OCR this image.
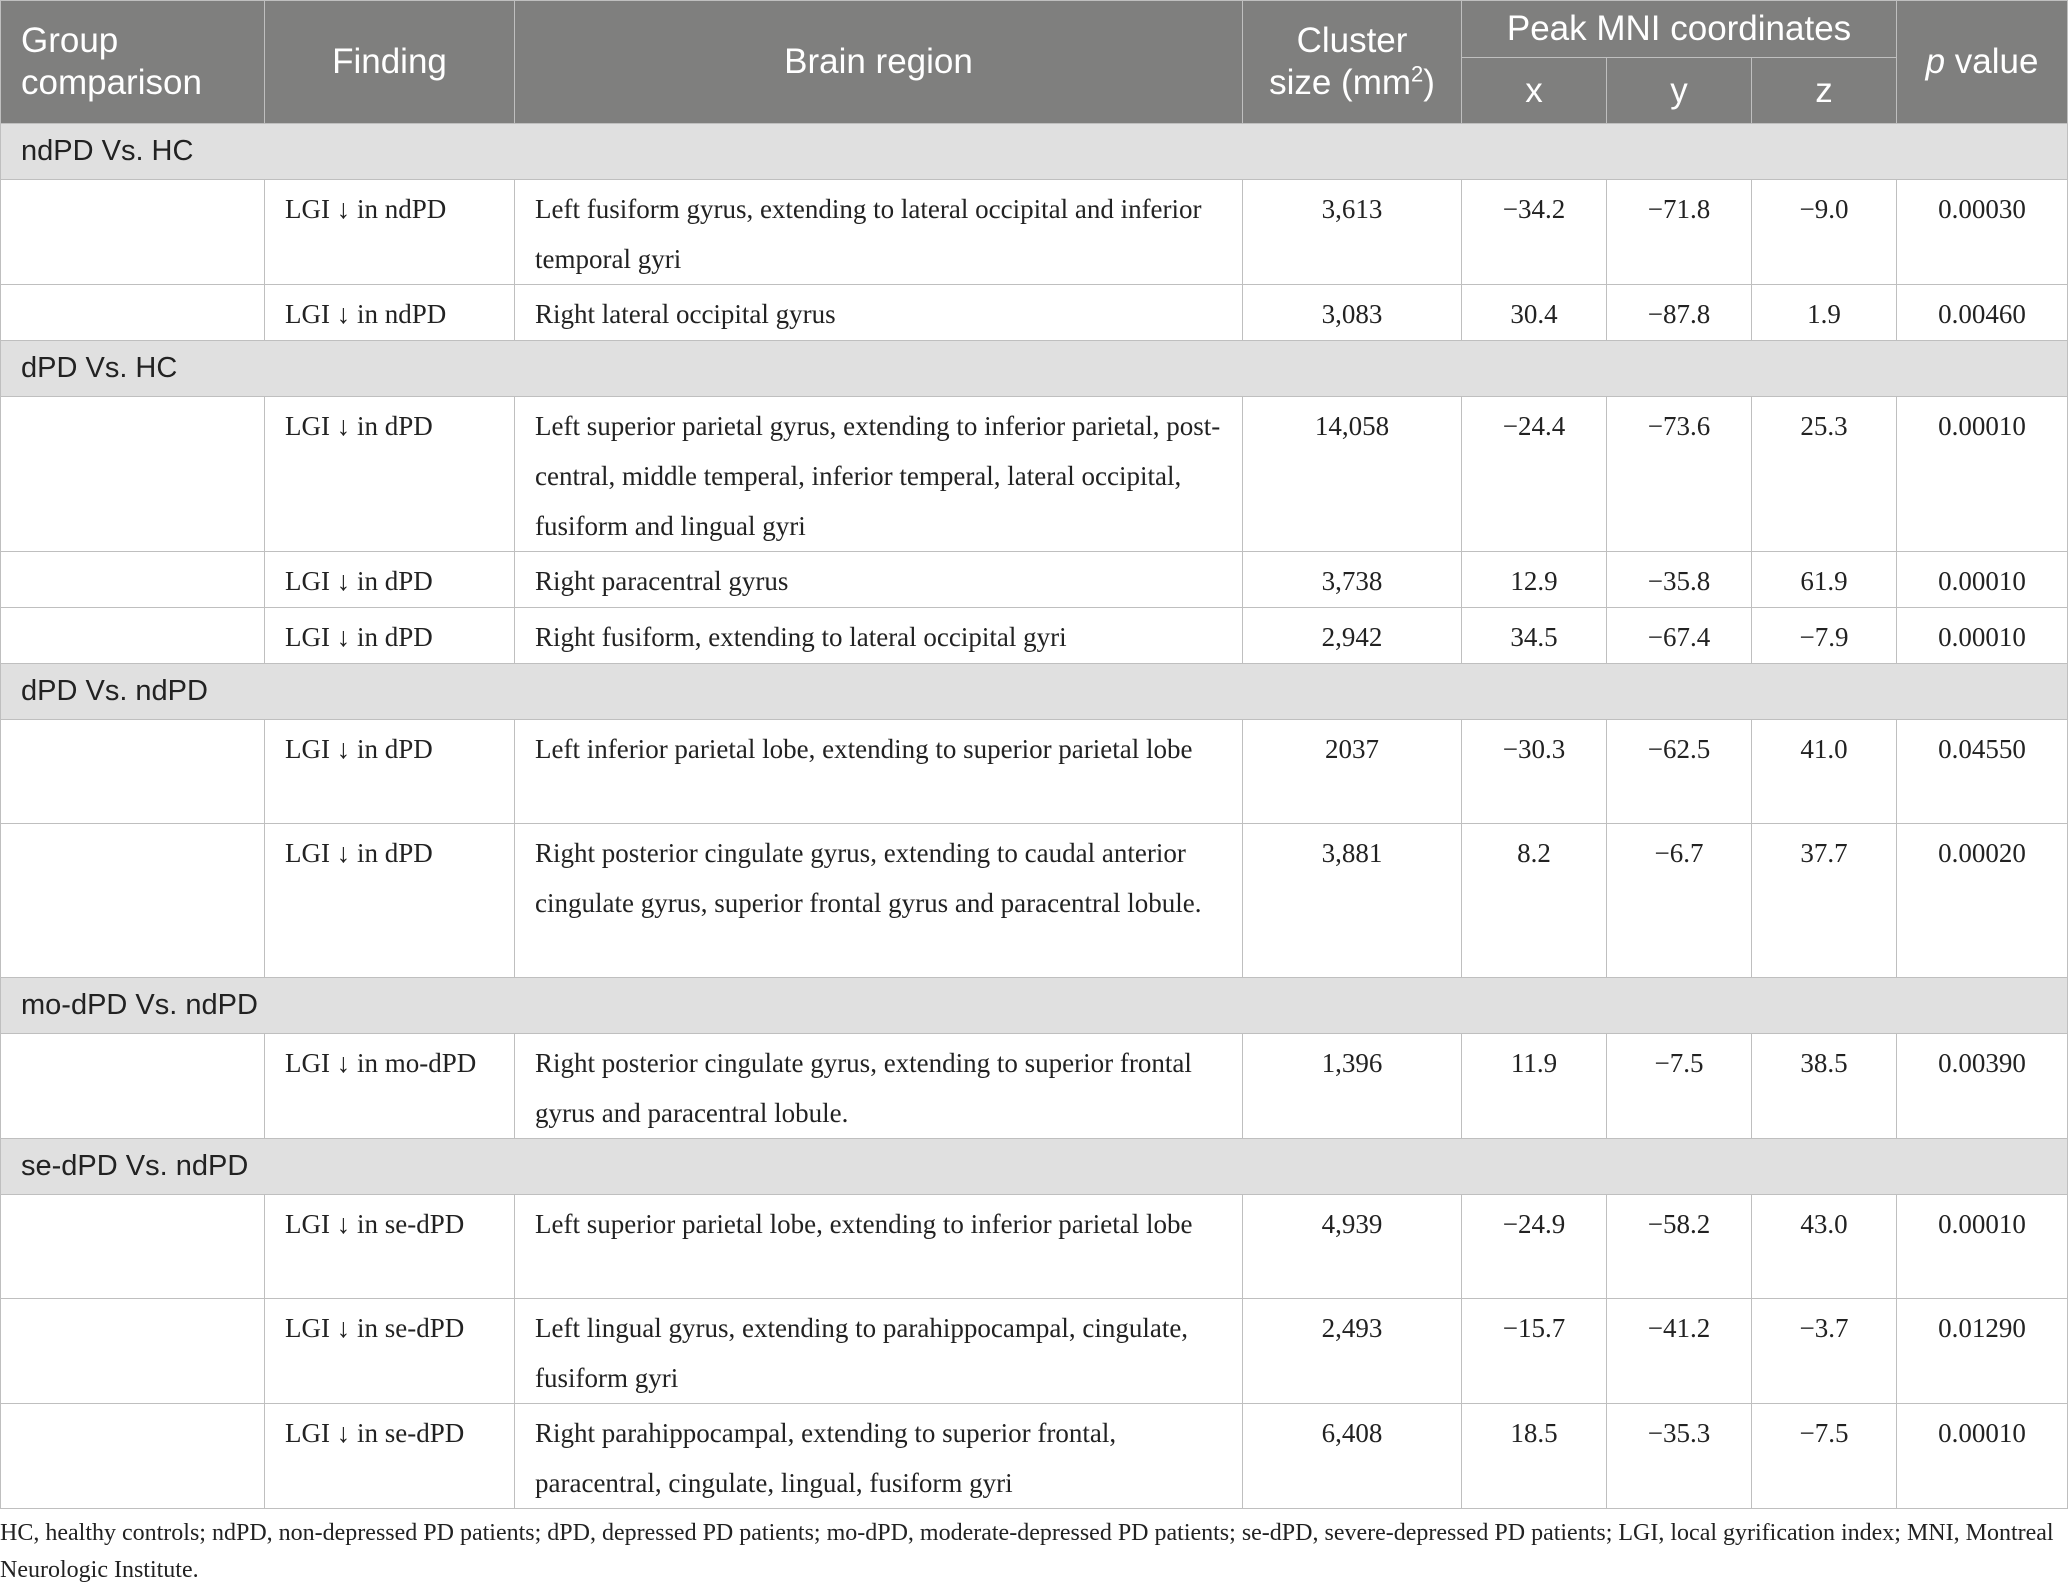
Group comparison	Finding	Brain region	Cluster size $(mm^2)$	Peak MNI coordinates			p value
				x	y	z	
ndPD Vs. HC							
	LGI ↓ in ndPD	Left fusiform gyrus, extending to lateral occipital and inferior temporal gyri	3,613	−34.2	−71.8	−9.0	0.00030
	LGI ↓ in ndPD	Right lateral occipital gyrus	3,083	30.4	−87.8	1.9	0.00460
dPD Vs. HC							
	LGI ↓ in dPD	Left superior parietal gyrus, extending to inferior parietal, post-central, middle temperal, inferior temperal, lateral occipital, fusiform and lingual gyri	14,058	−24.4	−73.6	25.3	0.00010
	LGI ↓ in dPD	Right paracentral gyrus	3,738	12.9	−35.8	61.9	0.00010
	LGI ↓ in dPD	Right fusiform, extending to lateral occipital gyri	2,942	34.5	−67.4	−7.9	0.00010
dPD Vs. ndPD							
	LGI ↓ in dPD	Left inferior parietal lobe, extending to superior parietal lobe	2037	−30.3	−62.5	41.0	0.04550
	LGI ↓ in dPD	Right posterior cingulate gyrus, extending to caudal anterior cingulate gyrus, superior frontal gyrus and paracentral lobule.	3,881	8.2	−6.7	37.7	0.00020
mo-dPD Vs. ndPD							
	LGI ↓ in mo-dPD	Right posterior cingulate gyrus, extending to superior frontal gyrus and paracentral lobule.	1,396	11.9	−7.5	38.5	0.00390
se-dPD Vs. ndPD							
	LGI ↓ in se-dPD	Left superior parietal lobe, extending to inferior parietal lobe	4,939	−24.9	−58.2	43.0	0.00010
	LGI ↓ in se-dPD	Left lingual gyrus, extending to parahippocampal, cingulate, fusiform gyri	2,493	−15.7	−41.2	−3.7	0.01290
	LGI ↓ in se-dPD	Right parahippocampal, extending to superior frontal, paracentral, cingulate, lingual, fusiform gyri	6,408	18.5	−35.3	−7.5	0.00010
HC, healthy controls; ndPD, non-depressed PD patients; dPD, depressed PD patients; mo-dPD, moderate-depressed PD patients; se-dPD, severe-depressed PD patients; LGI, local gyrification index; MNI, Montreal Neurologic Institute.
